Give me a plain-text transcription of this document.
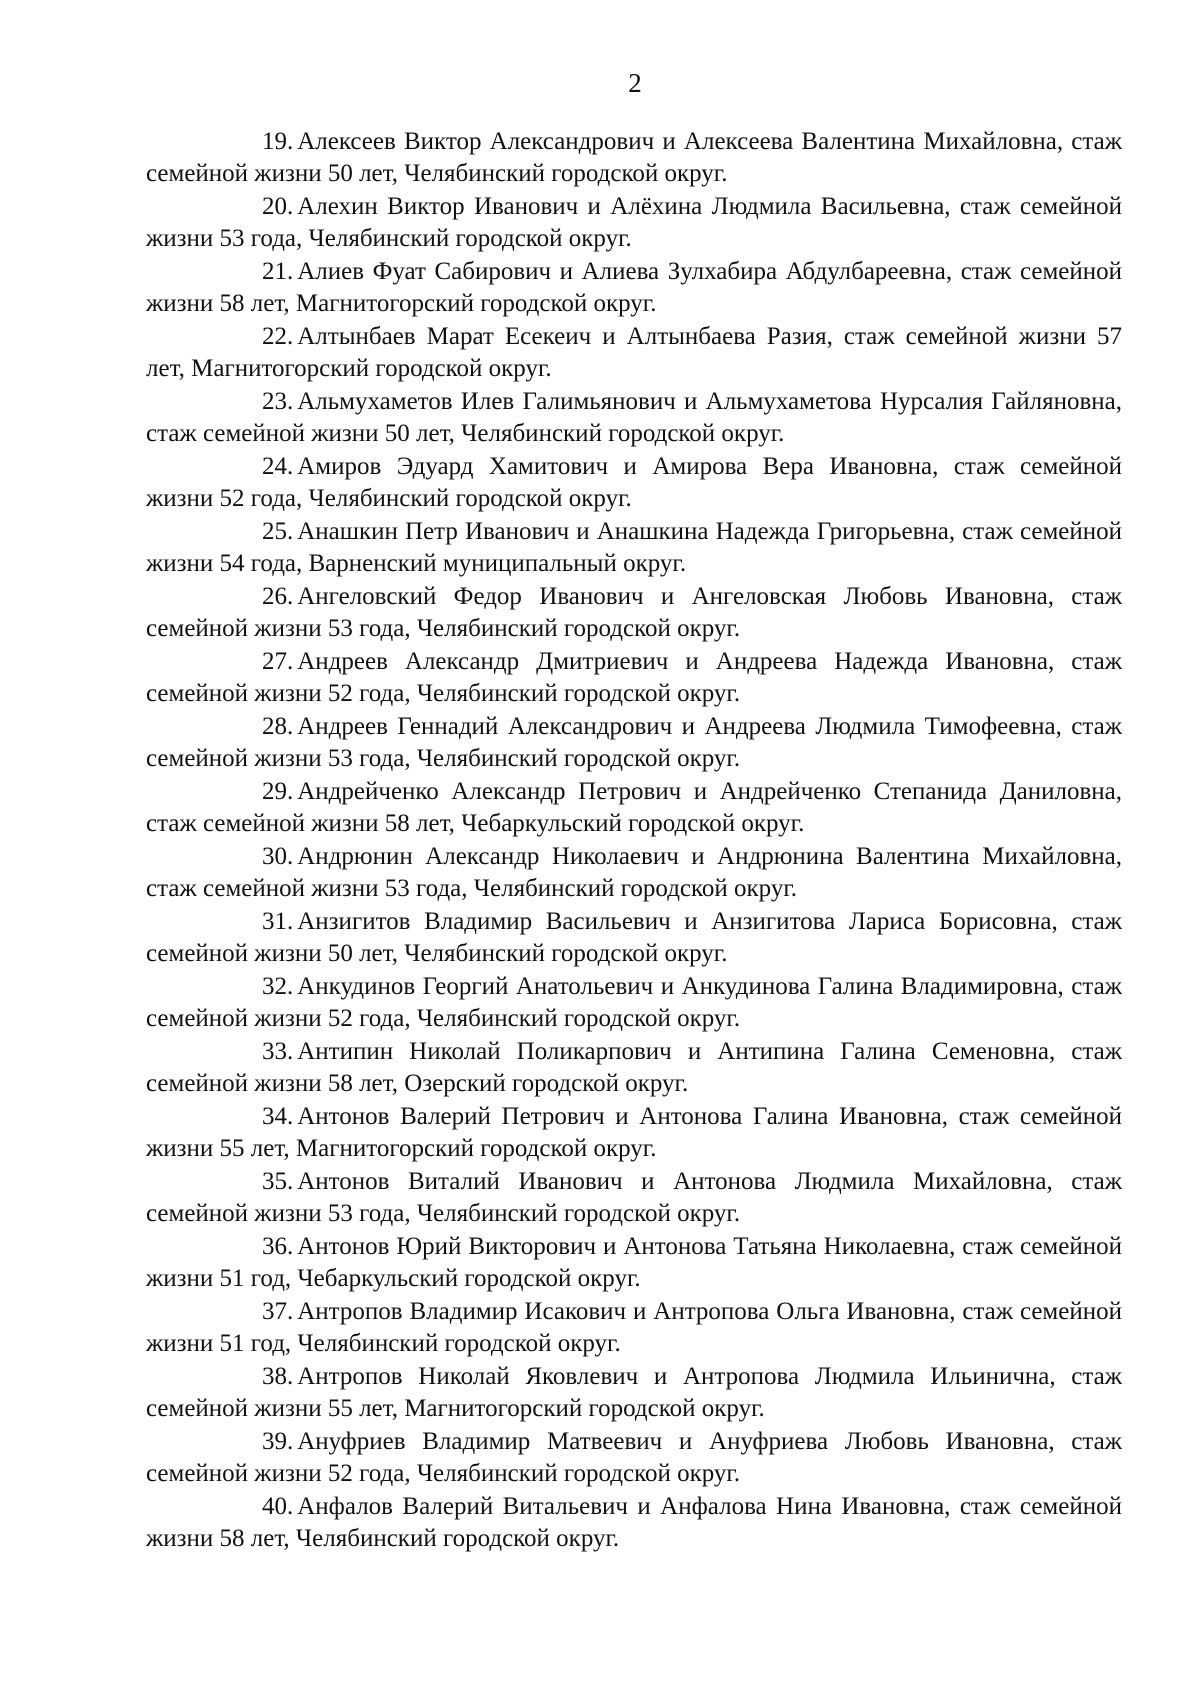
2
19. Алексеев Виктор Александрович и Алексеева Валентина Михайловна, стаж семейной жизни 50 лет, Челябинский городской округ.
20. Алехин Виктор Иванович и Алёхина Людмила Васильевна, стаж семейной жизни 53 года, Челябинский городской округ.
21. Алиев Фуат Сабирович и Алиева Зулхабира Абдулбареевна, стаж семейной жизни 58 лет, Магнитогорский городской округ.
22. Алтынбаев Марат Есекеич и Алтынбаева Разия, стаж семейной жизни 57 лет, Магнитогорский городской округ.
23. Альмухаметов Илев Галимьянович и Альмухаметова Нурсалия Гайляновна, стаж семейной жизни 50 лет, Челябинский городской округ.
24. Амиров Эдуард Хамитович и Амирова Вера Ивановна, стаж семейной жизни 52 года, Челябинский городской округ.
25. Анашкин Петр Иванович и Анашкина Надежда Григорьевна, стаж семейной жизни 54 года, Варненский муниципальный округ.
26. Ангеловский Федор Иванович и Ангеловская Любовь Ивановна, стаж семейной жизни 53 года, Челябинский городской округ.
27. Андреев Александр Дмитриевич и Андреева Надежда Ивановна, стаж семейной жизни 52 года, Челябинский городской округ.
28. Андреев Геннадий Александрович и Андреева Людмила Тимофеевна, стаж семейной жизни 53 года, Челябинский городской округ.
29. Андрейченко Александр Петрович и Андрейченко Степанида Даниловна, стаж семейной жизни 58 лет, Чебаркульский городской округ.
30. Андрюнин Александр Николаевич и Андрюнина Валентина Михайловна, стаж семейной жизни 53 года, Челябинский городской округ.
31. Анзигитов Владимир Васильевич и Анзигитова Лариса Борисовна, стаж семейной жизни 50 лет, Челябинский городской округ.
32. Анкудинов Георгий Анатольевич и Анкудинова Галина Владимировна, стаж семейной жизни 52 года, Челябинский городской округ.
33. Антипин Николай Поликарпович и Антипина Галина Семеновна, стаж семейной жизни 58 лет, Озерский городской округ.
34. Антонов Валерий Петрович и Антонова Галина Ивановна, стаж семейной жизни 55 лет, Магнитогорский городской округ.
35. Антонов Виталий Иванович и Антонова Людмила Михайловна, стаж семейной жизни 53 года, Челябинский городской округ.
36. Антонов Юрий Викторович и Антонова Татьяна Николаевна, стаж семейной жизни 51 год, Чебаркульский городской округ.
37. Антропов Владимир Исакович и Антропова Ольга Ивановна, стаж семейной жизни 51 год, Челябинский городской округ.
38. Антропов Николай Яковлевич и Антропова Людмила Ильинична, стаж семейной жизни 55 лет, Магнитогорский городской округ.
39. Ануфриев Владимир Матвеевич и Ануфриева Любовь Ивановна, стаж семейной жизни 52 года, Челябинский городской округ.
40. Анфалов Валерий Витальевич и Анфалова Нина Ивановна, стаж семейной жизни 58 лет, Челябинский городской округ.
